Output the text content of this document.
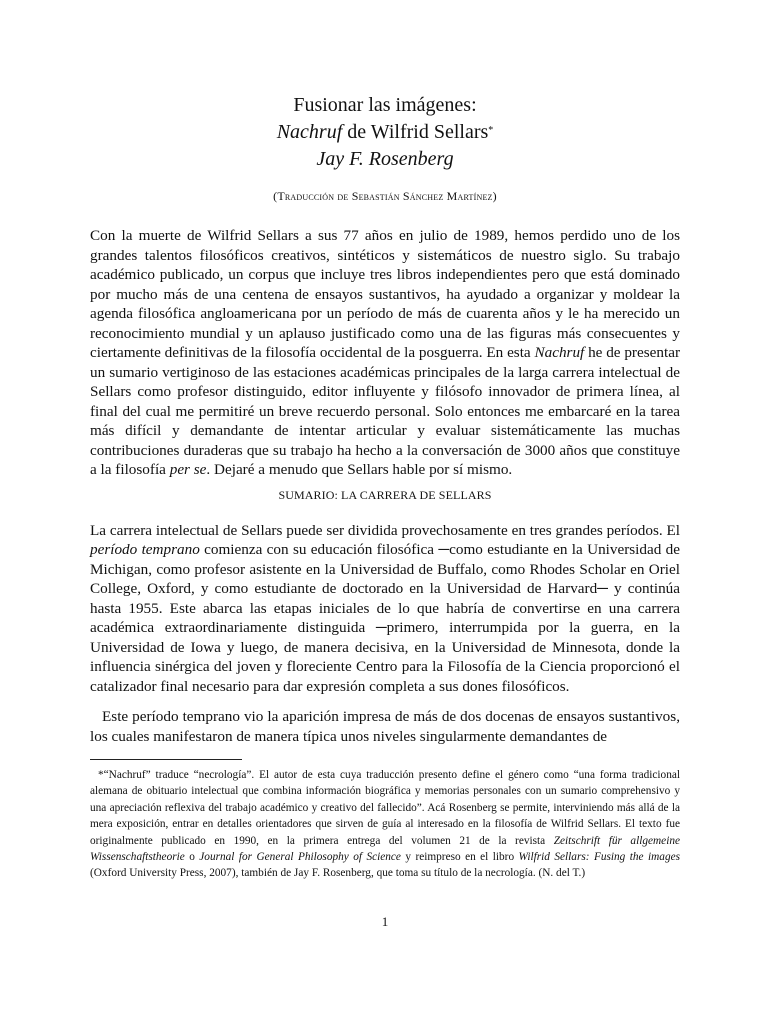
Fusionar las imágenes:
Nachruf de Wilfrid Sellars*
Jay F. Rosenberg
(Traducción de Sebastián Sánchez Martínez)

Con la muerte de Wilfrid Sellars a sus 77 años en julio de 1989, hemos perdido uno de los grandes talentos filosóficos creativos, sintéticos y sistemáticos de nuestro siglo. Su trabajo académico publicado, un corpus que incluye tres libros independientes pero que está dominado por mucho más de una centena de ensayos sustantivos, ha ayudado a organizar y moldear la agenda filosófica angloamericana por un período de más de cuarenta años y le ha merecido un reconocimiento mundial y un aplauso justificado como una de las figuras más consecuentes y ciertamente definitivas de la filosofía occidental de la posguerra. En esta Nachruf he de presentar un sumario vertiginoso de las estaciones académicas principales de la larga carrera intelectual de Sellars como profesor distinguido, editor influyente y filósofo innovador de primera línea, al final del cual me permitiré un breve recuerdo personal. Solo entonces me embarcaré en la tarea más difícil y demandante de intentar articular y evaluar sistemáticamente las muchas contribuciones duraderas que su trabajo ha hecho a la conversación de 3000 años que constituye a la filosofía per se. Dejaré a menudo que Sellars hable por sí mismo.

SUMARIO: LA CARRERA DE SELLARS

La carrera intelectual de Sellars puede ser dividida provechosamente en tres grandes períodos. El período temprano comienza con su educación filosófica ─como estudiante en la Universidad de Michigan, como profesor asistente en la Universidad de Buffalo, como Rhodes Scholar en Oriel College, Oxford, y como estudiante de doctorado en la Universidad de Harvard─ y continúa hasta 1955. Este abarca las etapas iniciales de lo que habría de convertirse en una carrera académica extraordinariamente distinguida ─primero, interrumpida por la guerra, en la Universidad de Iowa y luego, de manera decisiva, en la Universidad de Minnesota, donde la influencia sinérgica del joven y floreciente Centro para la Filosofía de la Ciencia proporcionó el catalizador final necesario para dar expresión completa a sus dones filosóficos.

Este período temprano vio la aparición impresa de más de dos docenas de ensayos sustantivos, los cuales manifestaron de manera típica unos niveles singularmente demandantes de

*“Nachruf” traduce “necrología”. El autor de esta cuya traducción presento define el género como “una forma tradicional alemana de obituario intelectual que combina información biográfica y memorias personales con un sumario comprehensivo y una apreciación reflexiva del trabajo académico y creativo del fallecido”. Acá Rosenberg se permite, interviniendo más allá de la mera exposición, entrar en detalles orientadores que sirven de guía al interesado en la filosofía de Wilfrid Sellars. El texto fue originalmente publicado en 1990, en la primera entrega del volumen 21 de la revista Zeitschrift für allgemeine Wissenschaftstheorie o Journal for General Philosophy of Science y reimpreso en el libro Wilfrid Sellars: Fusing the images (Oxford University Press, 2007), también de Jay F. Rosenberg, que toma su título de la necrología. (N. del T.)
1
